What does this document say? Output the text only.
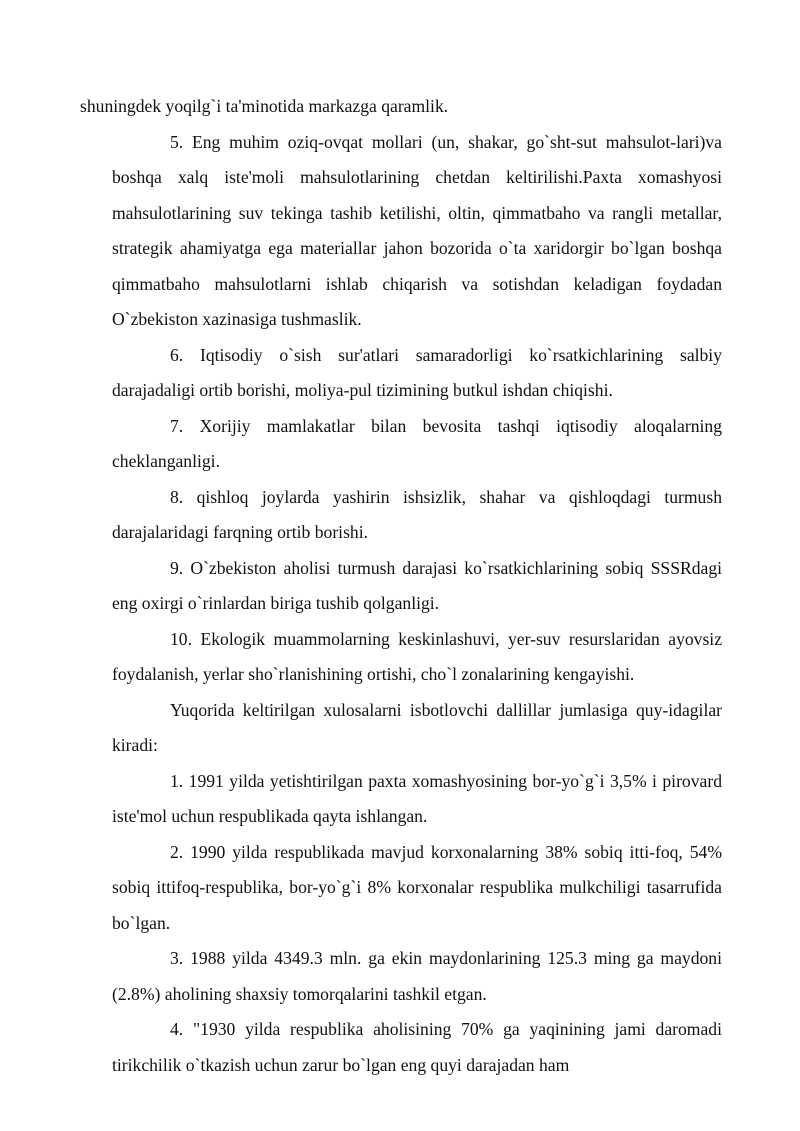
shuningdek yoqilg`i ta'minotida markazga qaramlik.

5. Eng muhim oziq-ovqat mollari (un, shakar, go`sht-sut mahsulot-lari)va boshqa xalq iste'moli mahsulotlarining chetdan keltirilishi.Paxta xomashyosi mahsulotlarining suv tekinga tashib ketilishi, oltin, qimmatbaho va rangli metallar, strategik ahamiyatga ega materiallar jahon bozorida o`ta xaridorgir bo`lgan boshqa qimmatbaho mahsulotlarni ishlab chiqarish va sotishdan keladigan foydadan O`zbekiston xazinasiga tushmaslik.

6. Iqtisodiy o`sish sur'atlari samaradorligi ko`rsatkichlarining salbiy darajadaligi ortib borishi, moliya-pul tizimining butkul ishdan chiqishi.

7. Xorijiy mamlakatlar bilan bevosita tashqi iqtisodiy aloqalarning cheklanganligi.

8. qishloq joylarda yashirin ishsizlik, shahar va qishloqdagi turmush darajalaridagi farqning ortib borishi.

9. O`zbekiston aholisi turmush darajasi ko`rsatkichlarining sobiq SSSRdagi eng oxirgi o`rinlardan biriga tushib qolganligi.

10. Ekologik muammolarning keskinlashuvi, yer-suv resurslaridan ayovsiz foydalanish, yerlar sho`rlanishining ortishi, cho`l zonalarining kengayishi.

Yuqorida keltirilgan xulosalarni isbotlovchi dallillar jumlasiga quy-idagilar kiradi:

1. 1991 yilda yetishtirilgan paxta xomashyosining bor-yo`g`i 3,5% i pirovard iste'mol uchun respublikada qayta ishlangan.

2. 1990 yilda respublikada mavjud korxonalarning 38% sobiq itti-foq, 54% sobiq ittifoq-respublika, bor-yo`g`i 8% korxonalar respublika mulkchiligi tasarrufida bo`lgan.

3. 1988 yilda 4349.3 mln. ga ekin maydonlarining 125.3 ming ga maydoni (2.8%) aholining shaxsiy tomorqalarini tashkil etgan.

4. "1930 yilda respublika aholisining 70% ga yaqinining jami daromadi tirikchilik o`tkazish uchun zarur bo`lgan eng quyi darajadan ham
